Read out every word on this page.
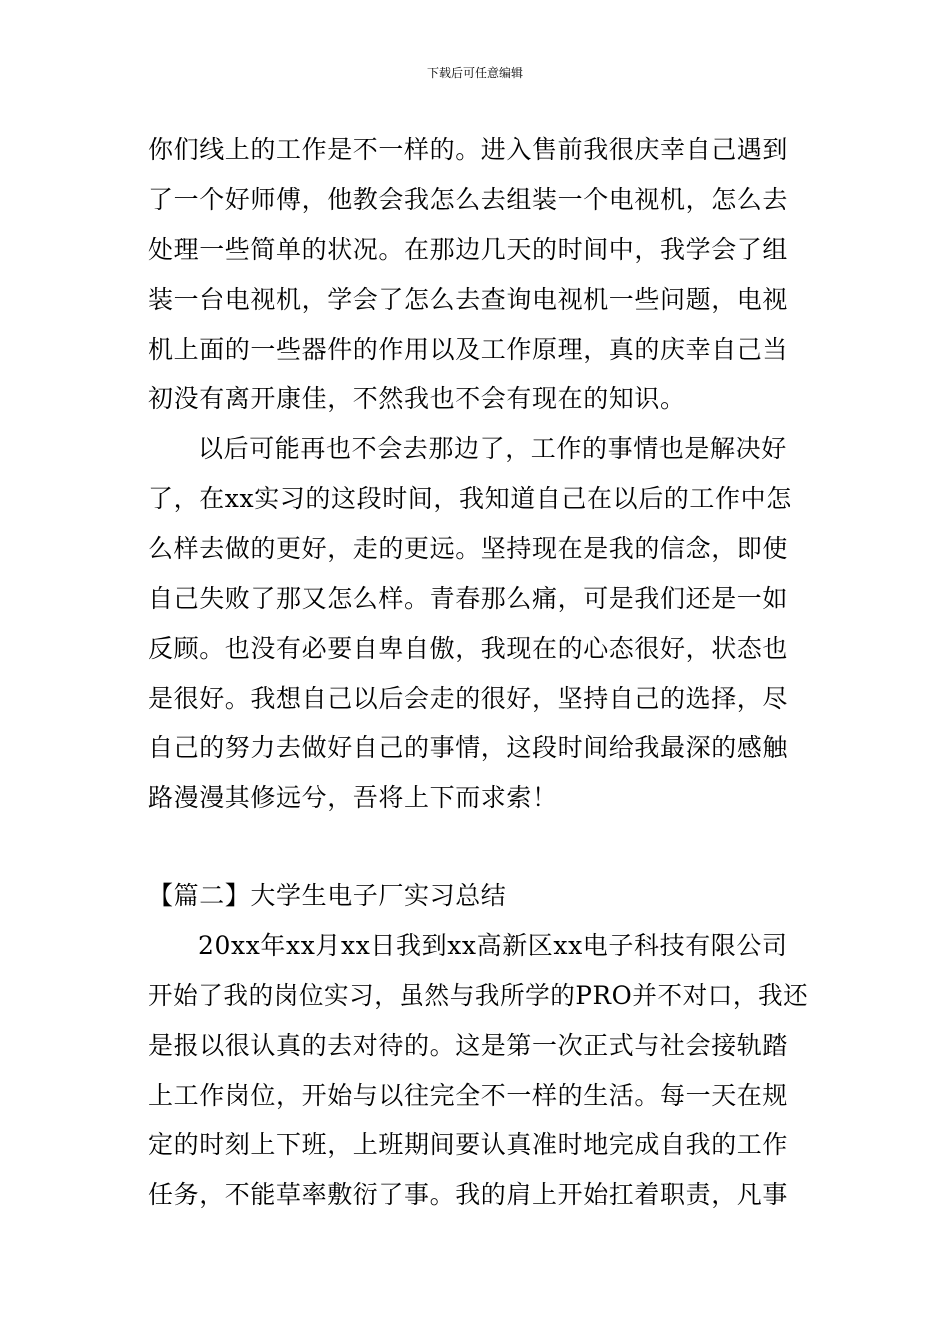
下载后可任意编辑
你们线上的工作是不一样的。进入售前我很庆幸自己遇到
了一个好师傅，他教会我怎么去组装一个电视机，怎么去
处理一些简单的状况。在那边几天的时间中，我学会了组
装一台电视机，学会了怎么去查询电视机一些问题，电视
机上面的一些器件的作用以及工作原理，真的庆幸自己当
初没有离开康佳，不然我也不会有现在的知识。
以后可能再也不会去那边了，工作的事情也是解决好
了，在xx实习的这段时间，我知道自己在以后的工作中怎
么样去做的更好，走的更远。坚持现在是我的信念，即使
自己失败了那又怎么样。青春那么痛，可是我们还是一如
反顾。也没有必要自卑自傲，我现在的心态很好，状态也
是很好。我想自己以后会走的很好，坚持自己的选择，尽
自己的努力去做好自己的事情，这段时间给我最深的感触
路漫漫其修远兮，吾将上下而求索！
【篇二】大学生电子厂实习总结
20xx年xx月xx日我到xx高新区xx电子科技有限公司
开始了我的岗位实习，虽然与我所学的PRO并不对口，我还
是报以很认真的去对待的。这是第一次正式与社会接轨踏
上工作岗位，开始与以往完全不一样的生活。每一天在规
定的时刻上下班，上班期间要认真准时地完成自我的工作
任务，不能草率敷衍了事。我的肩上开始扛着职责，凡事
